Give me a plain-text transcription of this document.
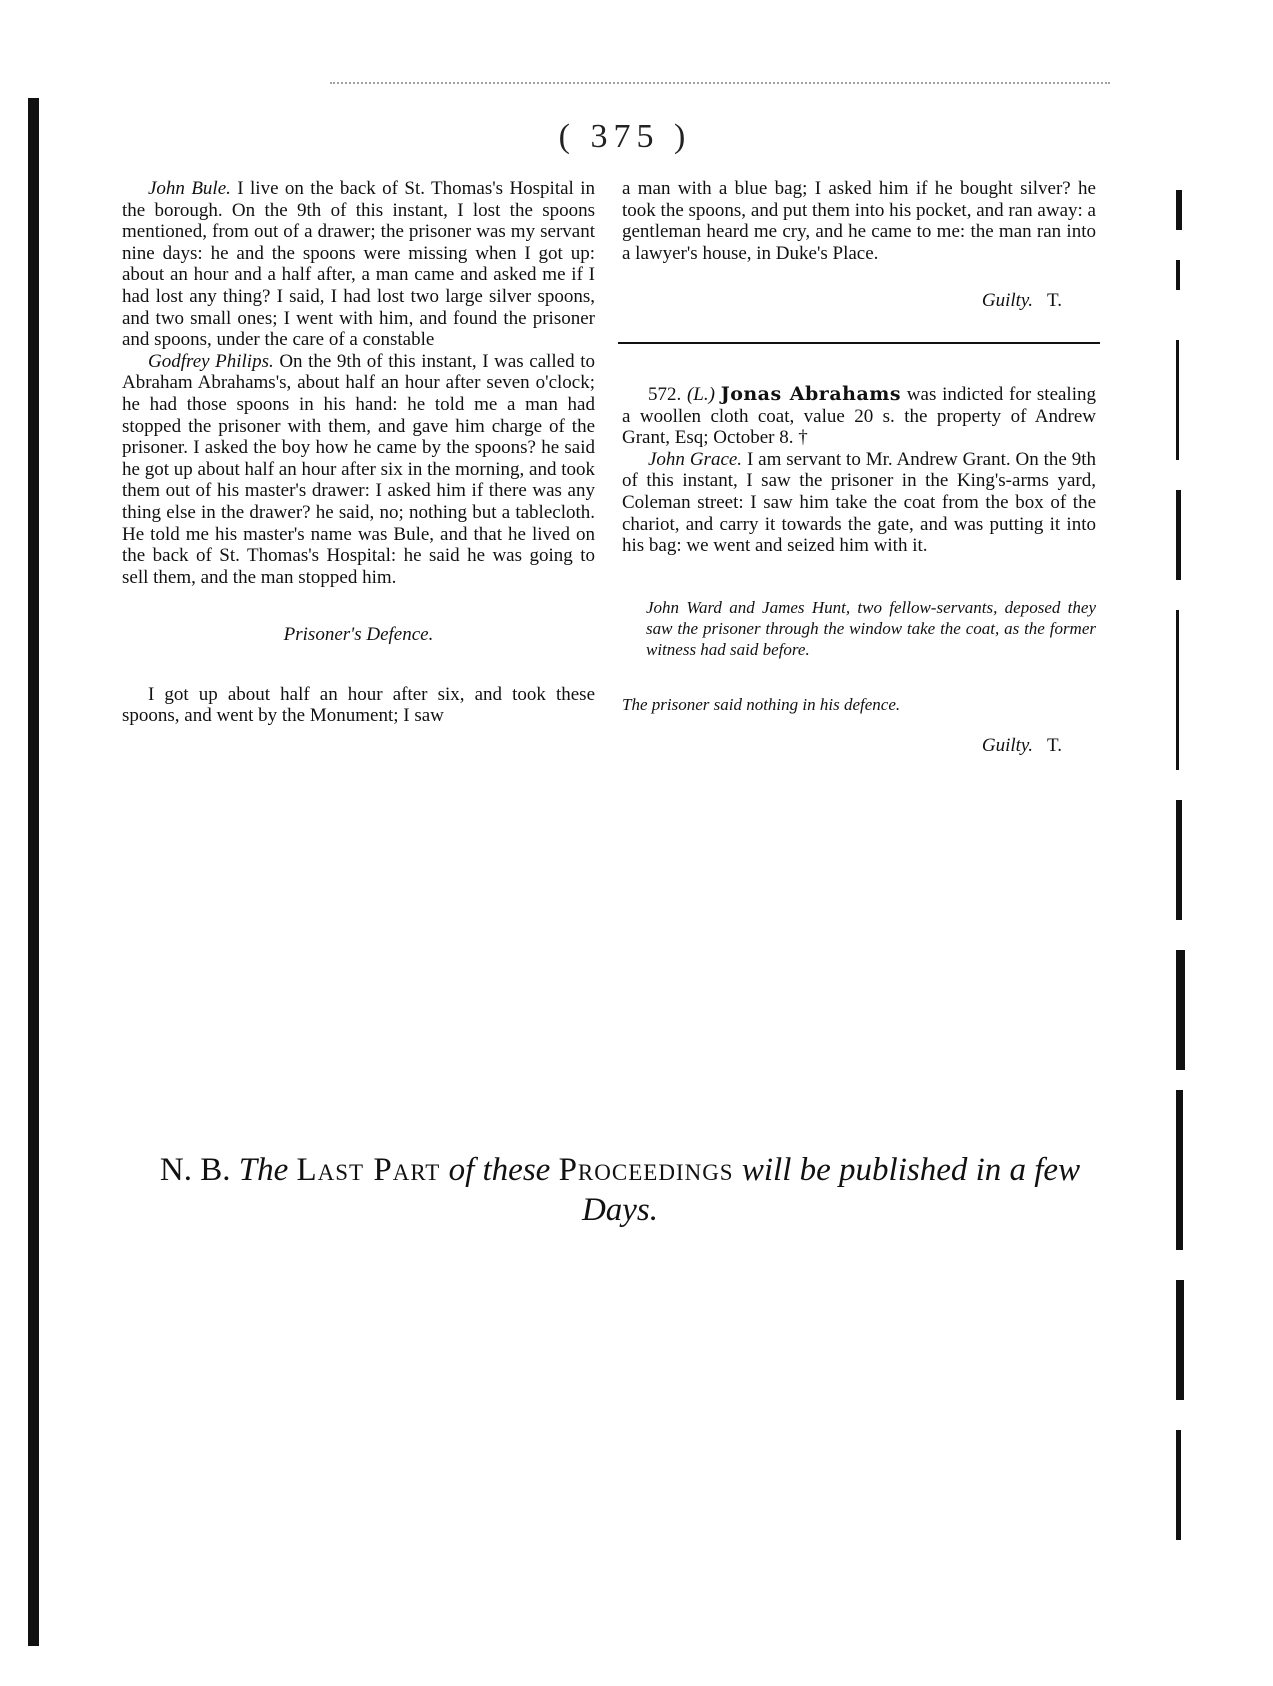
( 375 )

John Bule. I live on the back of St. Thomas's Hospital in the borough. On the 9th of this instant, I lost the spoons mentioned, from out of a drawer; the prisoner was my servant nine days: he and the spoons were missing when I got up: about an hour and a half after, a man came and asked me if I had lost any thing? I said, I had lost two large silver spoons, and two small ones; I went with him, and found the prisoner and spoons, under the care of a constable

Godfrey Philips. On the 9th of this instant, I was called to Abraham Abrahams's, about half an hour after seven o'clock; he had those spoons in his hand: he told me a man had stopped the prisoner with them, and gave him charge of the prisoner. I asked the boy how he came by the spoons? he said he got up about half an hour after six in the morning, and took them out of his master's drawer: I asked him if there was any thing else in the drawer? he said, no; nothing but a tablecloth. He told me his master's name was Bule, and that he lived on the back of St. Thomas's Hospital: he said he was going to sell them, and the man stopped him.

Prisoner's Defence.

I got up about half an hour after six, and took these spoons, and went by the Monument; I saw

a man with a blue bag; I asked him if he bought silver? he took the spoons, and put them into his pocket, and ran away: a gentleman heard me cry, and he came to me: the man ran into a lawyer's house, in Duke's Place.

Guilty. T.

572. (L.) Jonas Abrahams was indicted for stealing a woollen cloth coat, value 20 s. the property of Andrew Grant, Esq; October 8. †

John Grace. I am servant to Mr. Andrew Grant. On the 9th of this instant, I saw the prisoner in the King's-arms yard, Coleman street: I saw him take the coat from the box of the chariot, and carry it towards the gate, and was putting it into his bag: we went and seized him with it.

John Ward and James Hunt, two fellow-servants, deposed they saw the prisoner through the window take the coat, as the former witness had said before.

The prisoner said nothing in his defence.

Guilty. T.

N. B. The Last Part of these Proceedings will be published in a few Days.
